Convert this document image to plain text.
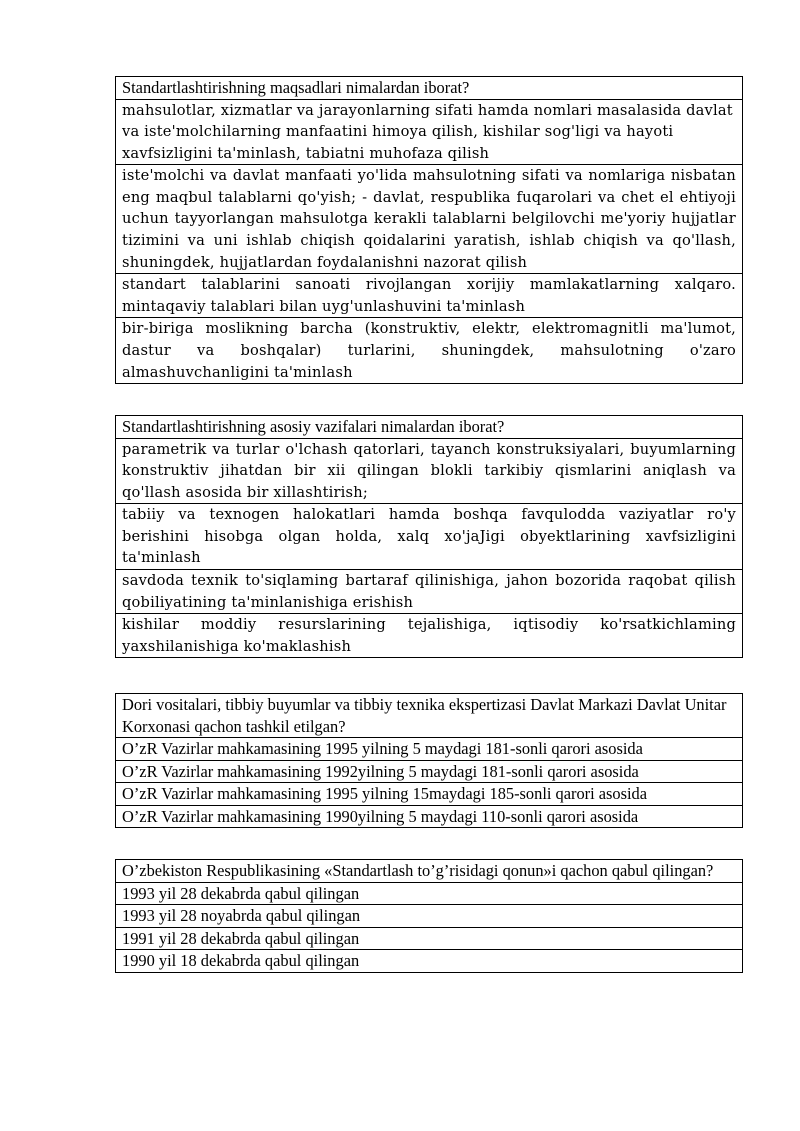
Standartlashtirishning maqsadlari nimalardan iborat?
mahsulotlar, xizmatlar va jarayonlarning sifati hamda nomlari masalasida davlat va iste'molchilarning manfaatini himoya qilish, kishilar sog'ligi va hayoti xavfsizligini ta'minlash, tabiatni muhofaza qilish
iste'molchi va davlat manfaati yo'lida mahsulotning sifati va nomlariga nisbatan eng maqbul talablarni qo'yish; - davlat, respublika fuqarolari va chet el ehtiyoji uchun tayyorlangan mahsulotga kerakli talablarni belgilovchi me'yoriy hujjatlar tizimini va uni ishlab chiqish qoidalarini yaratish, ishlab chiqish va qo'llash, shuningdek, hujjatlardan foydalanishni nazorat qilish
standart talablarini sanoati rivojlangan xorijiy mamlakatlarning xalqaro. mintaqaviy talablari bilan uyg'unlashuvini ta'minlash
bir-biriga moslikning barcha (konstruktiv, elektr, elektromagnitli ma'lumot, dastur va boshqalar) turlarini, shuningdek, mahsulotning o'zaro almashuvchanligini ta'minlash
Standartlashtirishning asosiy vazifalari nimalardan iborat?
parametrik va turlar o'lchash qatorlari, tayanch konstruksiyalari, buyumlarning konstruktiv jihatdan bir xii qilingan blokli tarkibiy qismlarini aniqlash va qo'llash asosida bir xillashtirish;
tabiiy va texnogen halokatlari hamda boshqa favqulodda vaziyatlar ro'y berishini hisobga olgan holda, xalq xo'jaJigi obyektlarining xavfsizligini ta'minlash
savdoda texnik to'siqlaming bartaraf qilinishiga, jahon bozorida raqobat qilish qobiliyatining ta'minlanishiga erishish
kishilar moddiy resurslarining tejalishiga, iqtisodiy ko'rsatkichlaming yaxshilanishiga ko'maklashish
Dori vositalari, tibbiy buyumlar va tibbiy texnika ekspertizasi Davlat Markazi Davlat Unitar Korxonasi qachon tashkil etilgan?
O’zR Vazirlar mahkamasining 1995 yilning 5 maydagi 181-sonli qarori asosida
O’zR Vazirlar mahkamasining 1992yilning 5 maydagi 181-sonli qarori asosida
O’zR Vazirlar mahkamasining 1995 yilning 15maydagi 185-sonli qarori asosida
O’zR Vazirlar mahkamasining 1990yilning 5 maydagi 110-sonli qarori asosida
O’zbekiston Respublikasining «Standartlash to’g’risidagi qonun»i qachon qabul qilingan?
1993 yil 28 dekabrda qabul qilingan
1993 yil 28 noyabrda qabul qilingan
1991 yil 28 dekabrda qabul qilingan
1990 yil 18 dekabrda qabul qilingan
